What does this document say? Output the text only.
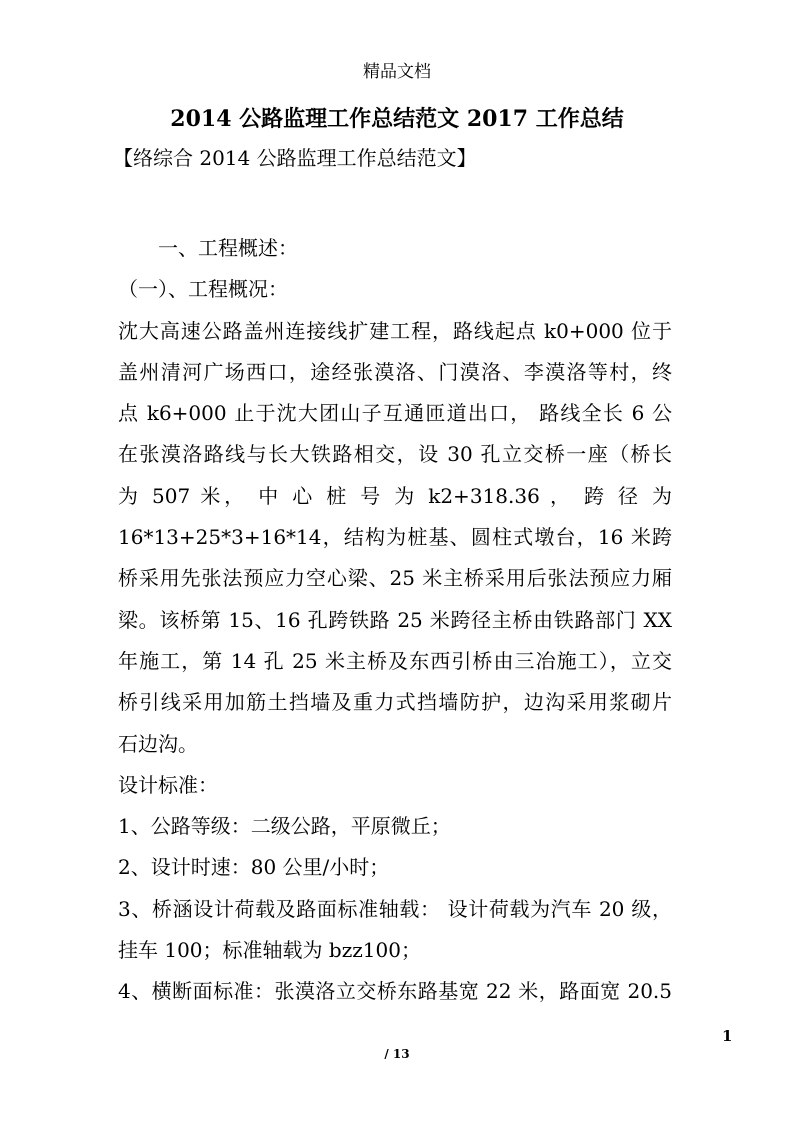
精品文档
2014 公路监理工作总结范文 2017 工作总结
【络综合 2014 公路监理工作总结范文】
一、工程概述：
（一）、工程概况：
沈大高速公路盖州连接线扩建工程，路线起点 k0+000 位于
盖州清河广场西口，途经张漠洛、门漠洛、李漠洛等村，终
点 k6+000 止于沈大团山子互通匝道出口， 路线全长 6 公
在张漠洛路线与长大铁路相交，设 30 孔立交桥一座（桥长
为 507 米， 中 心 桩 号 为 k2+318.36 ， 跨 径 为
16*13+25*3+16*14，结构为桩基、圆柱式墩台，16 米跨
桥采用先张法预应力空心梁、25 米主桥采用后张法预应力厢
梁。该桥第 15、16 孔跨铁路 25 米跨径主桥由铁路部门 XX
年施工，第 14 孔 25 米主桥及东西引桥由三冶施工），立交
桥引线采用加筋土挡墙及重力式挡墙防护，边沟采用浆砌片
石边沟。
设计标准：
1、公路等级：二级公路，平原微丘；
2、设计时速：80 公里/小时；
3、桥涵设计荷载及路面标准轴载： 设计荷载为汽车 20 级，
挂车 100；标准轴载为 bzz100；
4、横断面标准：张漠洛立交桥东路基宽 22 米，路面宽 20.5
1
/ 13
